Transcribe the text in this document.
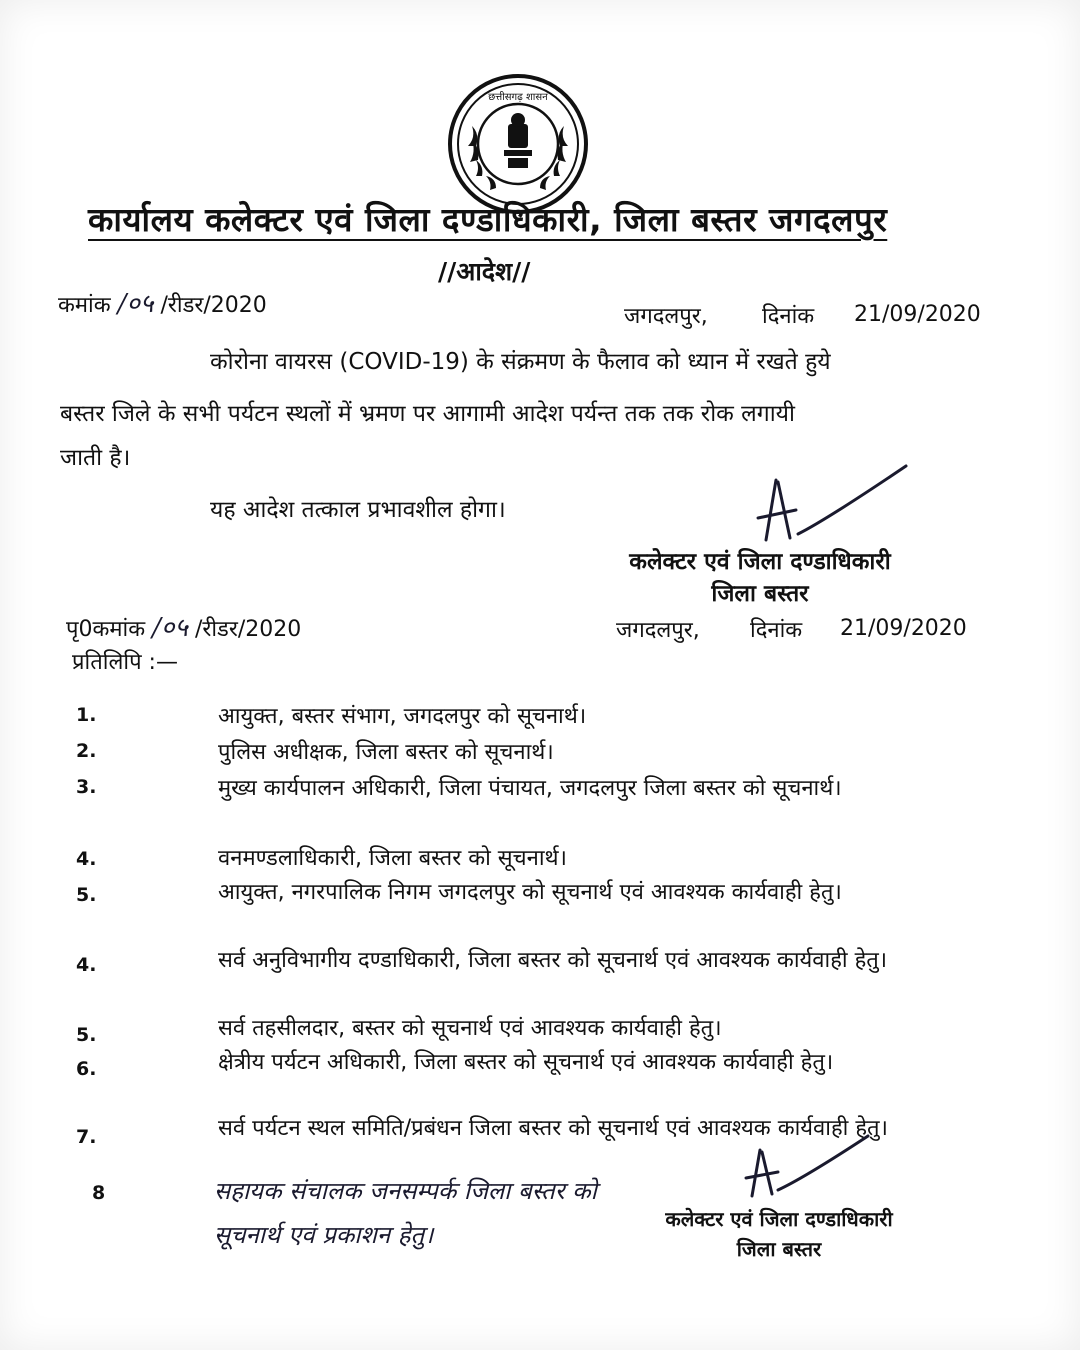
छत्तीसगढ़ शासन
कार्यालय कलेक्टर एवं जिला दण्डाधिकारी, जिला बस्तर जगदलपुर
//आदेश//
कमांक /०५ /रीडर/2020	जगदलपुर, दिनांक 21/09/2020
कोरोना वायरस (COVID-19) के संक्रमण के फैलाव को ध्यान में रखते हुये
बस्तर जिले के सभी पर्यटन स्थलों में भ्रमण पर आगामी आदेश पर्यन्त तक तक रोक लगायी
जाती है।
यह आदेश तत्काल प्रभावशील होगा।
कलेक्टर एवं जिला दण्डाधिकारी
जिला बस्तर
पृ0कमांक /०५ /रीडर/2020	जगदलपुर, दिनांक 21/09/2020
प्रतिलिपि :—
1.	आयुक्त, बस्तर संभाग, जगदलपुर को सूचनार्थ।
2.	पुलिस अधीक्षक, जिला बस्तर को सूचनार्थ।
3.	मुख्य कार्यपालन अधिकारी, जिला पंचायत, जगदलपुर जिला बस्तर को सूचनार्थ।
4.	वनमण्डलाधिकारी, जिला बस्तर को सूचनार्थ।
5.	आयुक्त, नगरपालिक निगम जगदलपुर को सूचनार्थ एवं आवश्यक कार्यवाही हेतु।
4.	सर्व अनुविभागीय दण्डाधिकारी, जिला बस्तर को सूचनार्थ एवं आवश्यक कार्यवाही हेतु।
5.	सर्व तहसीलदार, बस्तर को सूचनार्थ एवं आवश्यक कार्यवाही हेतु।
6.	क्षेत्रीय पर्यटन अधिकारी, जिला बस्तर को सूचनार्थ एवं आवश्यक कार्यवाही हेतु।
7.	सर्व पर्यटन स्थल समिति/प्रबंधन जिला बस्तर को सूचनार्थ एवं आवश्यक कार्यवाही हेतु।
8	सहायक संचालक जनसम्पर्क जिला बस्तर को
सूचनार्थ एवं प्रकाशन हेतु।
कलेक्टर एवं जिला दण्डाधिकारी
जिला बस्तर
